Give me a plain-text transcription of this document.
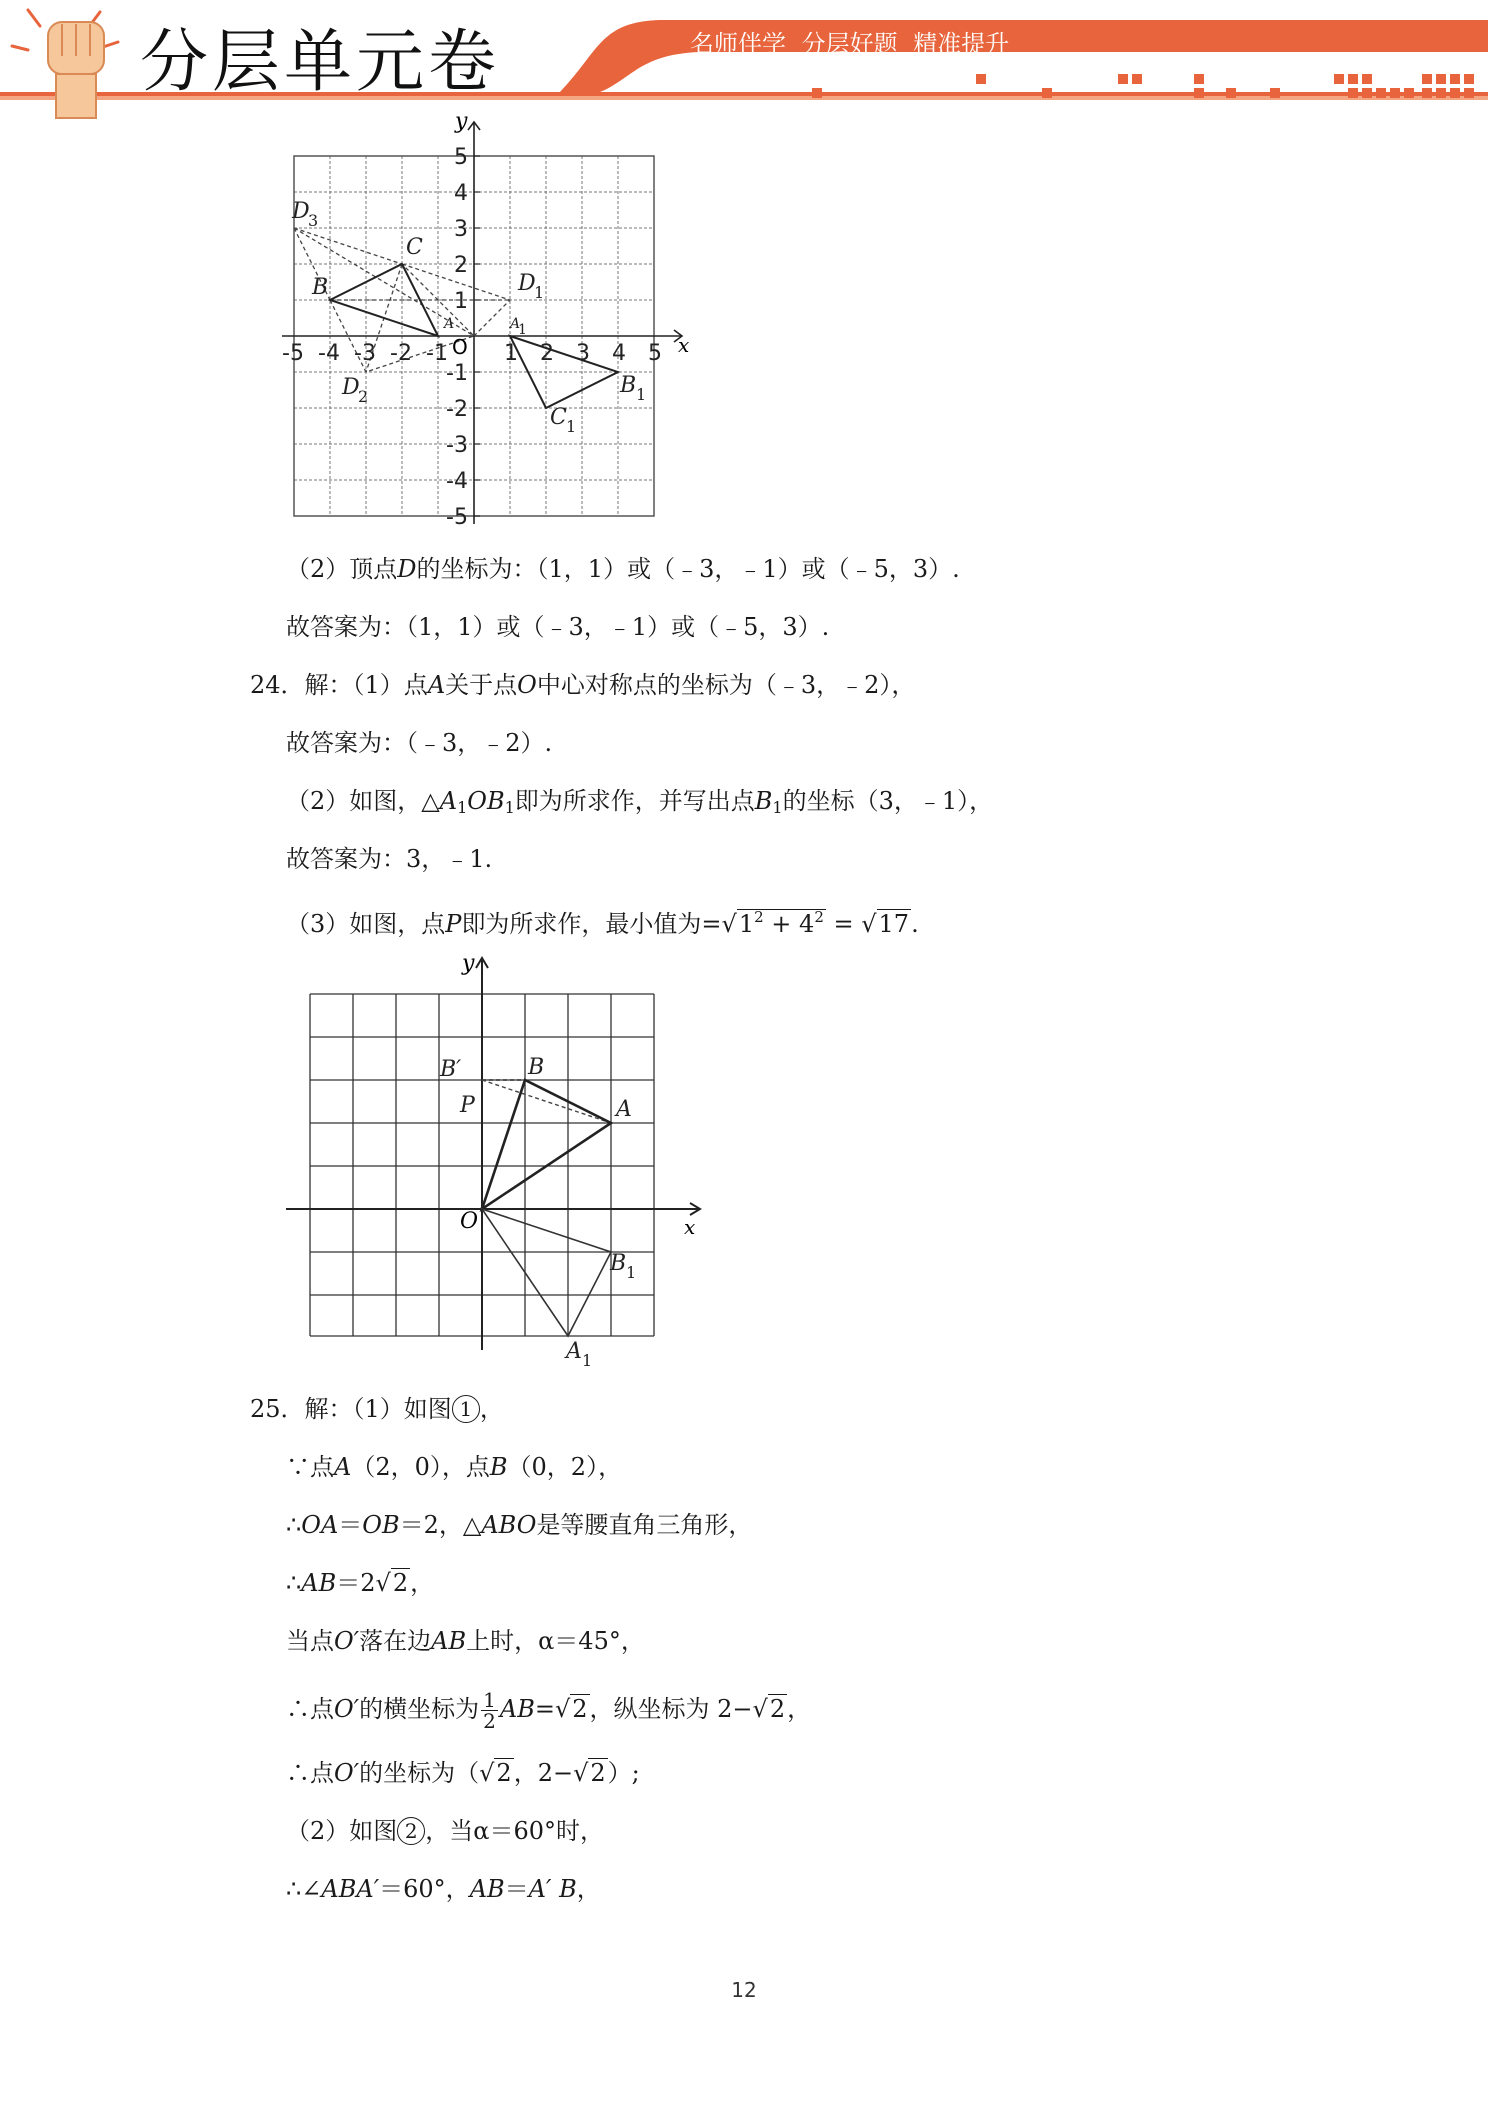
分层单元卷	名师伴学 分层好题 精准提升
y
x
O
-5 -4 -3 -2 -1	1 2 3 4 5
5
4
3
2
1
-1
-2
-3
-4
-5
D
3
C
B	D
1
A	A
1
D
2	B 1
C 1
（2）顶点D的坐标为：（1，1）或（﹣3，﹣1）或（﹣5，3）.
故答案为：（1，1）或（﹣3，﹣1）或（﹣5，3）.
24．解：（1）点A关于点O中心对称点的坐标为（﹣3，﹣2），
故答案为：（﹣3，﹣2）.
（2）如图，$\triangle A_1OB_1$即为所求作，并写出点$B_1$的坐标（3，﹣1），
故答案为：3，﹣1.
（3）如图，点P即为所求作，最小值为$=√1^2 + 4^2 = √17$.
y
x
O
B′	B
P	A
B 1
A 1
25．解：（1）如图 1 ，
∵点A（2，0），点B（0，2），
∴OA＝OB＝2，△ABO是等腰直角三角形，
∴AB＝2√2，
当点O′落在边AB上时，α＝45°，
∴点O′的横坐标为 $\frac{1}{2} AB=√2$，纵坐标为 2−√2，
∴点O′的坐标为（√2，2−√2）;
（2）如图 2 ，当α＝60°时，
∴∠ABA′＝60°，AB＝A′ B，
12
